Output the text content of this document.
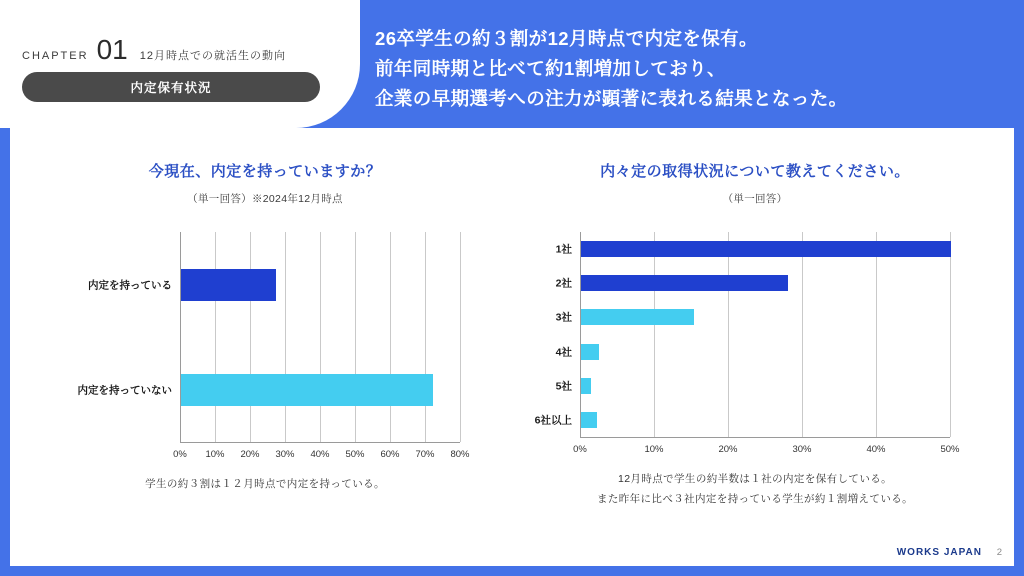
CHAPTER 01 12月時点での就活生の動向
内定保有状況
26卒学生の約３割が12月時点で内定を保有。
前年同時期と比べて約1割増加しており、
企業の早期選考への注力が顕著に表れる結果となった。
今現在、内定を持っていますか？
（単一回答）※2024年12月時点
内定を持っている
内定を持っていない
0% 10% 20% 30% 40% 50% 60% 70% 80%
学生の約３割は１２月時点で内定を持っている。
内々定の取得状況について教えてください。
（単一回答）
1社
2社
3社
4社
5社
6社以上
0%	10%	20%	30%	40%	50%
12月時点で学生の約半数は１社の内定を保有している。
また昨年に比べ３社内定を持っている学生が約１割増えている。
WORKS JAPAN 2
